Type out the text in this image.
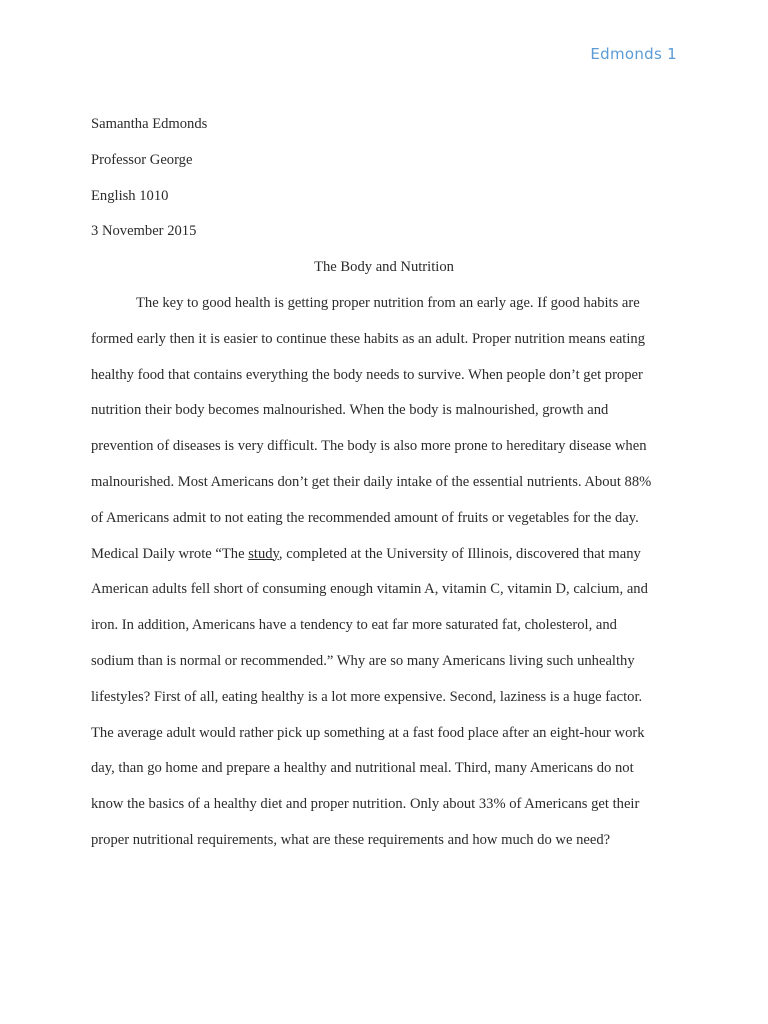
Edmonds 1
Samantha Edmonds
Professor George
English 1010
3 November 2015
The Body and Nutrition
The key to good health is getting proper nutrition from an early age. If good habits are
formed early then it is easier to continue these habits as an adult. Proper nutrition means eating
healthy food that contains everything the body needs to survive. When people don’t get proper
nutrition their body becomes malnourished. When the body is malnourished, growth and
prevention of diseases is very difficult. The body is also more prone to hereditary disease when
malnourished. Most Americans don’t get their daily intake of the essential nutrients. About 88%
of Americans admit to not eating the recommended amount of fruits or vegetables for the day.
Medical Daily wrote “The study, completed at the University of Illinois, discovered that many
American adults fell short of consuming enough vitamin A, vitamin C, vitamin D, calcium, and
iron. In addition, Americans have a tendency to eat far more saturated fat, cholesterol, and
sodium than is normal or recommended.” Why are so many Americans living such unhealthy
lifestyles? First of all, eating healthy is a lot more expensive. Second, laziness is a huge factor.
The average adult would rather pick up something at a fast food place after an eight-hour work
day, than go home and prepare a healthy and nutritional meal. Third, many Americans do not
know the basics of a healthy diet and proper nutrition. Only about 33% of Americans get their
proper nutritional requirements, what are these requirements and how much do we need?
